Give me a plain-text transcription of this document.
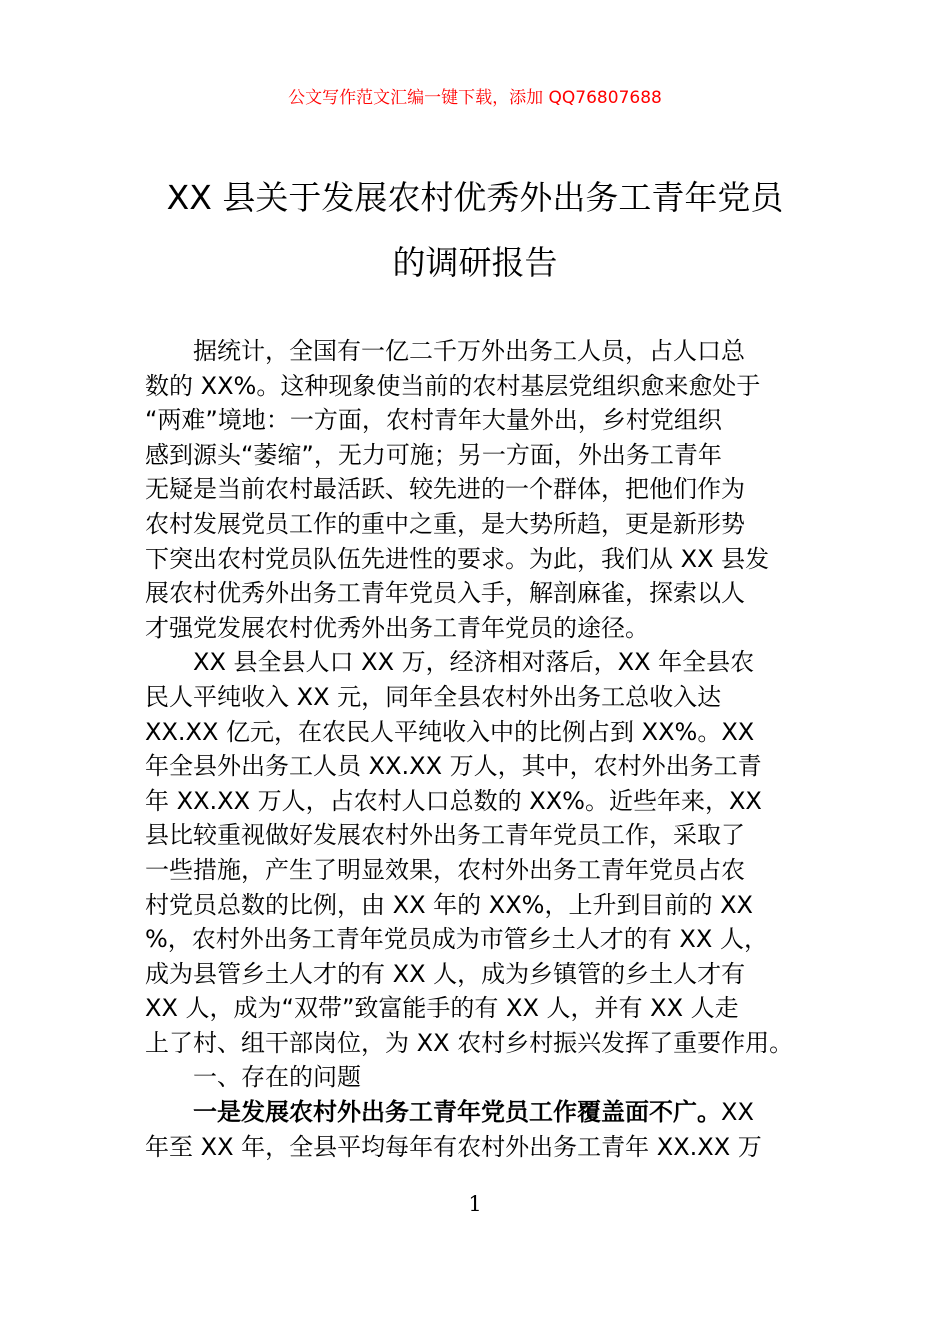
公文写作范文汇编一键下载，添加 QQ76807688
XX 县关于发展农村优秀外出务工青年党员
的调研报告
据统计，全国有一亿二千万外出务工人员，占人口总
数的 XX%。这种现象使当前的农村基层党组织愈来愈处于
“两难”境地：一方面，农村青年大量外出，乡村党组织
感到源头“萎缩”，无力可施；另一方面，外出务工青年
无疑是当前农村最活跃、较先进的一个群体，把他们作为
农村发展党员工作的重中之重，是大势所趋，更是新形势
下突出农村党员队伍先进性的要求。为此，我们从 XX 县发
展农村优秀外出务工青年党员入手，解剖麻雀，探索以人
才强党发展农村优秀外出务工青年党员的途径。
XX 县全县人口 XX 万，经济相对落后，XX 年全县农
民人平纯收入 XX 元，同年全县农村外出务工总收入达
XX.XX 亿元，在农民人平纯收入中的比例占到 XX%。XX
年全县外出务工人员 XX.XX 万人，其中，农村外出务工青
年 XX.XX 万人，占农村人口总数的 XX%。近些年来，XX
县比较重视做好发展农村外出务工青年党员工作，采取了
一些措施，产生了明显效果，农村外出务工青年党员占农
村党员总数的比例，由 XX 年的 XX%，上升到目前的 XX
%，农村外出务工青年党员成为市管乡土人才的有 XX 人，
成为县管乡土人才的有 XX 人，成为乡镇管的乡土人才有
XX 人，成为“双带”致富能手的有 XX 人，并有 XX 人走
上了村、组干部岗位，为 XX 农村乡村振兴发挥了重要作用。
一、存在的问题
一是发展农村外出务工青年党员工作覆盖面不广。XX
年至 XX 年，全县平均每年有农村外出务工青年 XX.XX 万
1
